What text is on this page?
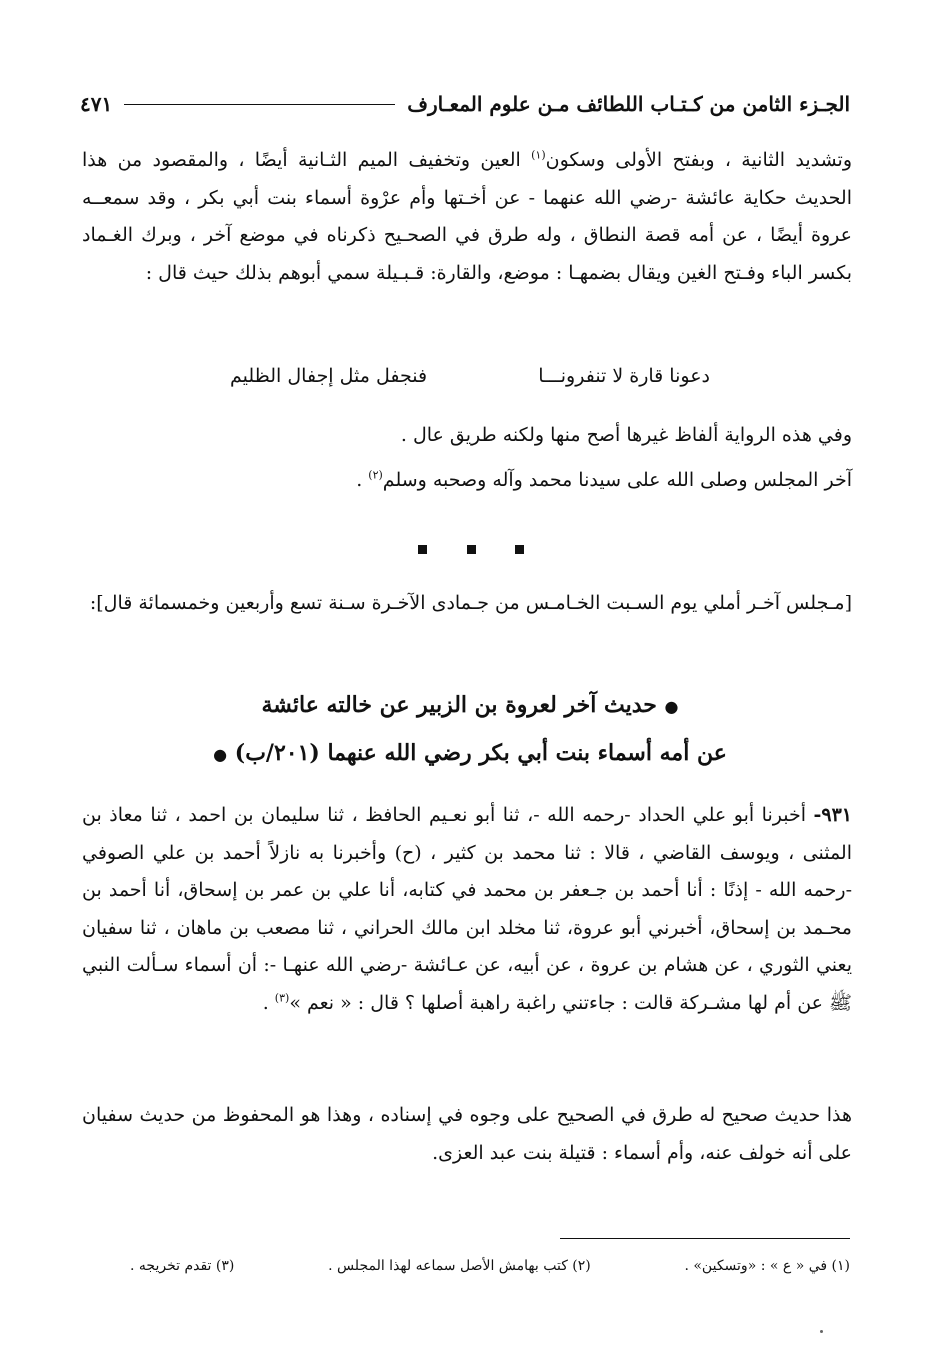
الجـزء الثامن من كـتـاب اللطائف مـن علوم المعـارف
٤٧١
وتشديد الثانية ، وبفتح الأولى وسكون$^{(١)}$ العين وتخفيف الميم الثـانية أيضًا ، والمقصود من هذا الحديث حكاية عائشة -رضي الله عنهما - عن أخـتها وأم عرْوة أسماء بنت أبي بكر ، وقد سمعــه عروة أيضًا ، عن أمه قصة النطاق ، وله طرق في الصحـيح ذكرناه في موضع آخر ، وبرك الغـماد بكسر الباء وفـتح الغين ويقال بضمهـا : موضع، والقارة: قـبـيلة سمي أبوهم بذلك حيث قال :
دعونا قارة لا تنفرونـــا
فنجفل مثل إجفال الظليم
وفي هذه الرواية ألفاظ غيرها أصح منها ولكنه طريق عال .
آخر المجلس وصلى الله على سيدنا محمد وآله وصحبه وسلم$^{(٢)}$ .
[مـجلس آخـر أملي يوم السـبت الخـامـس من جـمادى الآخـرة سـنة تسع وأربعين وخمسمائة قال]:
● حديث آخر لعروة بن الزبير عن خالته عائشة
عن أمه أسماء بنت أبي بكر رضي الله عنهما (٢٠١/ب) ●
٩٣١- أخبرنا أبو علي الحداد -رحمه الله -، ثنا أبو نعـيم الحافظ ، ثنا سليمان بن احمد ، ثنا معاذ بن المثنى ، ويوسف القاضي ، قالا : ثنا محمد بن كثير ، (ح) وأخبرنا به نازلاً أحمد بن علي الصوفي -رحمه الله - إذنًا : أنا أحمد بن جـعفر بن محمد في كتابه، أنا علي بن عمر بن إسحاق، أنا أحمد بن محـمد بن إسحاق، أخبرني أبو عروة، ثنا مخلد ابن مالك الحراني ، ثنا مصعب بن ماهان ، ثنا سفيان يعني الثوري ، عن هشام بن عروة ، عن أبيه، عن عـائشة -رضي الله عنهـا -: أن أسماء سـألت النبي ﷺ عن أم لها مشـركة قالت : جاءتني راغبة راهبة أصلها ؟ قال : « نعم »$^{(٣)}$ .
هذا حديث صحيح له طرق في الصحيح على وجوه في إسناده ، وهذا هو المحفوظ من حديث سفيان على أنه خولف عنه، وأم أسماء : قتيلة بنت عبد العزى.
(١) في « ع » : «وتسكين» .
(٢) كتب بهامش الأصل سماعه لهذا المجلس .
(٣) تقدم تخريجه .
